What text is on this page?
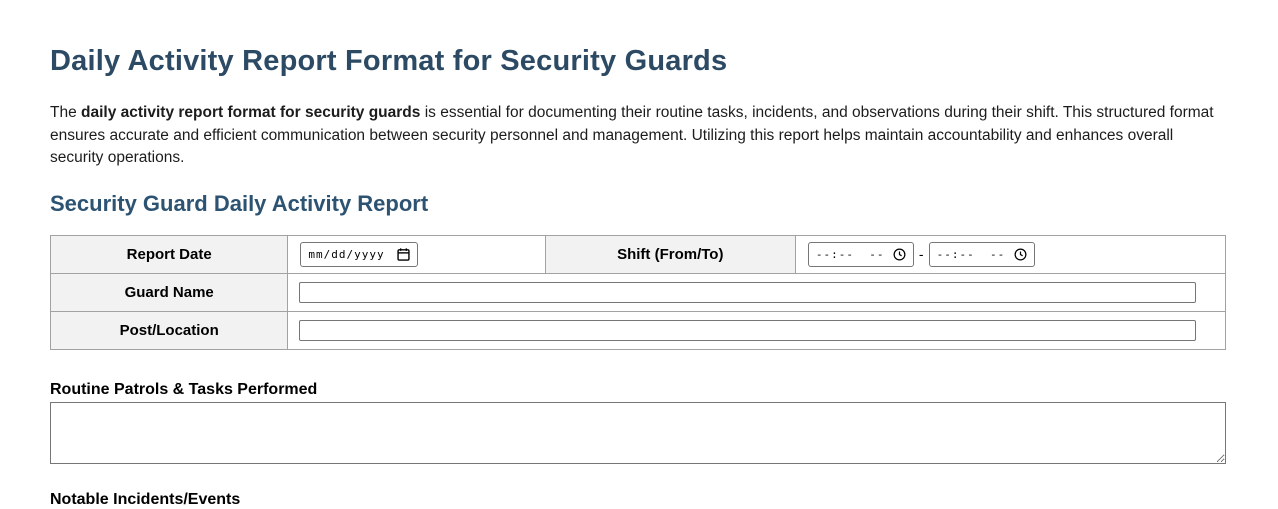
Daily Activity Report Format for Security Guards

The daily activity report format for security guards is essential for documenting their routine tasks, incidents, and observations during their shift. This structured format ensures accurate and efficient communication between security personnel and management. Utilizing this report helps maintain accountability and enhances overall security operations.

Security Guard Daily Activity Report
Report Date	mm/dd/yyyy	Shift (From/To)	--:--  -- - --:--  --

Guard Name	

Post/Location	
Routine Patrols & Tasks Performed
Notable Incidents/Events
